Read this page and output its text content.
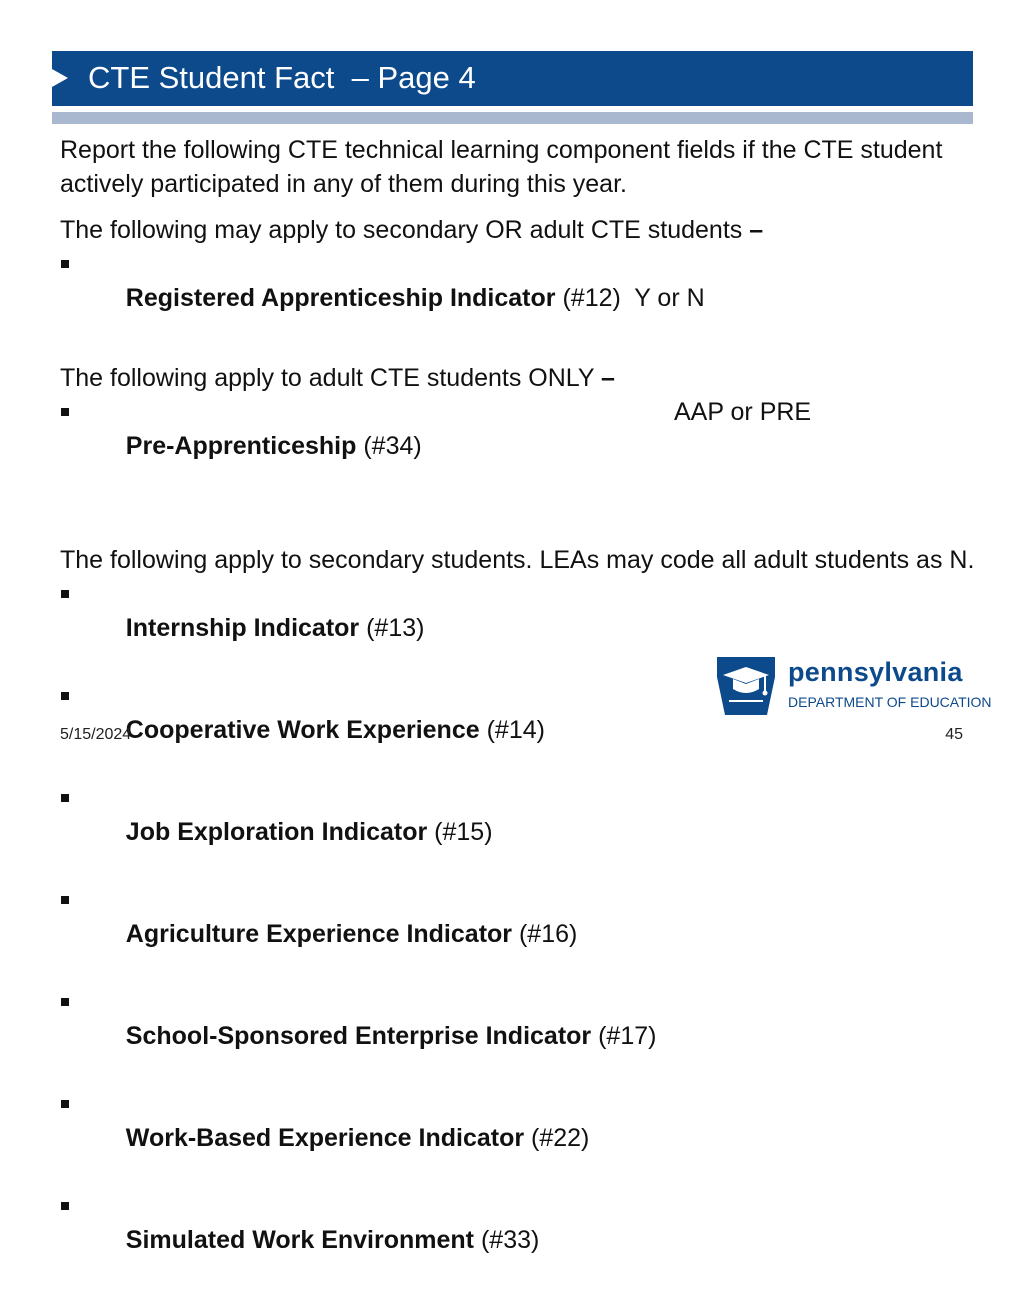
CTE Student Fact  – Page 4

Report the following CTE technical learning component fields if the CTE student actively participated in any of them during this year.

The following may apply to secondary OR adult CTE students –

Registered Apprenticeship Indicator (#12)  Y or N

The following apply to adult CTE students ONLY –

Pre-Apprenticeship (#34)
AAP or PRE

The following apply to secondary students. LEAs may code all adult students as N.

Internship Indicator (#13)

Cooperative Work Experience (#14)

Job Exploration Indicator (#15)

Agriculture Experience Indicator (#16)

School-Sponsored Enterprise Indicator (#17)

Work-Based Experience Indicator (#22)

Simulated Work Environment (#33)

pennsylvania
DEPARTMENT OF EDUCATION
5/15/2024	45
